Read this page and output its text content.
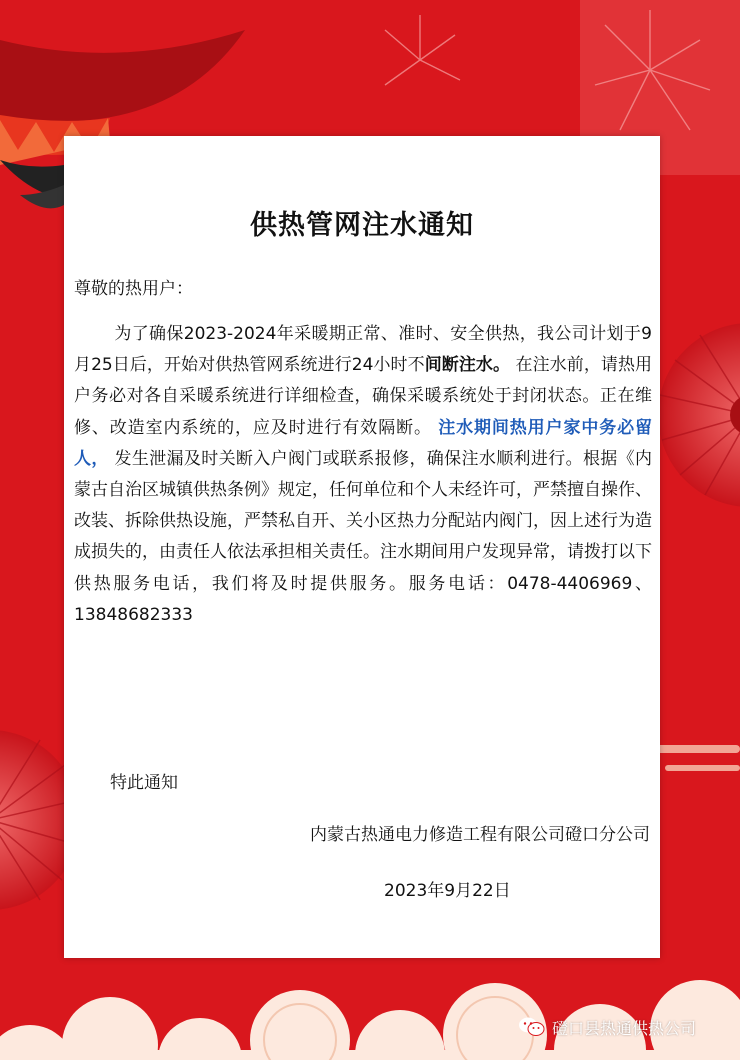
供热管网注水通知
尊敬的热用户：
为了确保2023-2024年采暖期正常、准时、安全供热，我公司计划于9月25日后，开始对供热管网系统进行24小时不间断注水。 在注水前，请热用户务必对各自采暖系统进行详细检查，确保采暖系统处于封闭状态。正在维修、改造室内系统的，应及时进行有效隔断。 注水期间热用户家中务必留人， 发生泄漏及时关断入户阀门或联系报修，确保注水顺利进行。根据《内蒙古自治区城镇供热条例》规定，任何单位和个人未经许可，严禁擅自操作、改装、拆除供热设施，严禁私自开、关小区热力分配站内阀门，因上述行为造成损失的，由责任人依法承担相关责任。注水期间用户发现异常，请拨打以下供热服务电话，我们将及时提供服务。服务电话：0478-4406969、13848682333
特此通知
内蒙古热通电力修造工程有限公司磴口分公司
2023年9月22日
磴口县热通供热公司
